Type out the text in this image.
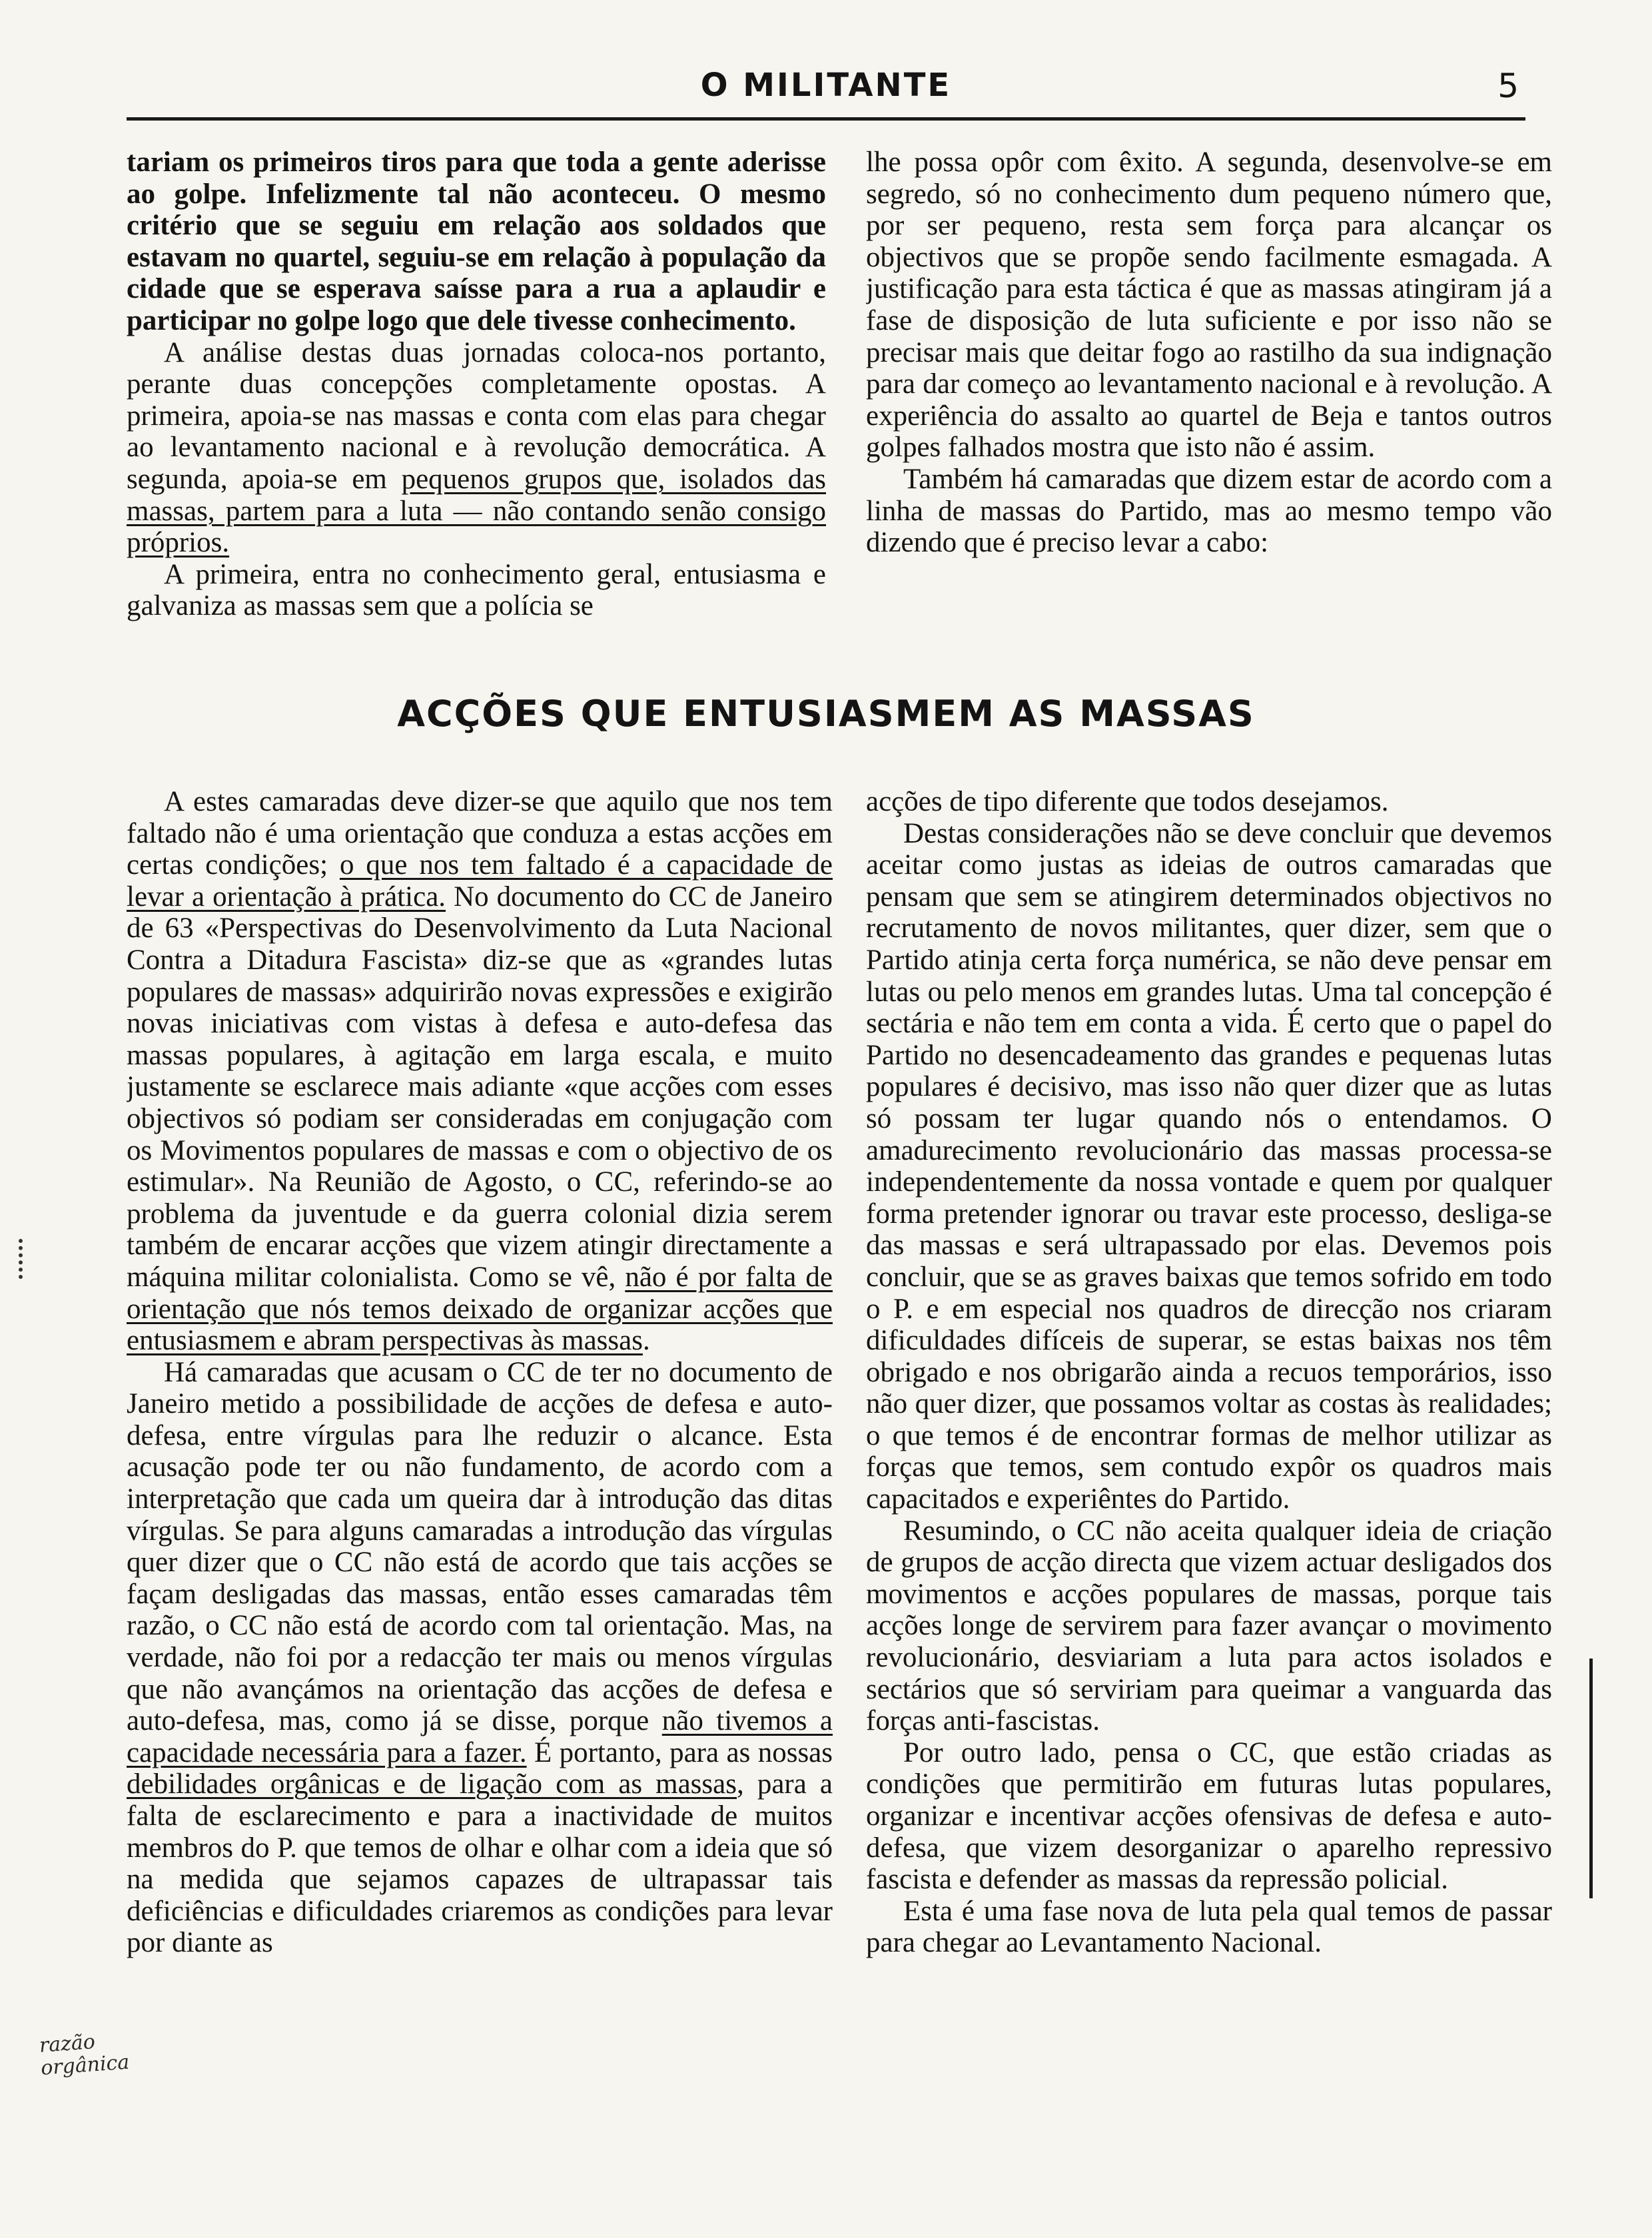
O MILITANTE	5

tariam os primeiros tiros para que toda a gente aderisse ao golpe. Infelizmente tal não aconteceu. O mesmo critério que se seguiu em relação aos soldados que estavam no quartel, seguiu-se em relação à população da cidade que se esperava saísse para a rua a aplaudir e participar no golpe logo que dele tivesse conhecimento.

A análise destas duas jornadas coloca-nos portanto, perante duas concepções completamente opostas. A primeira, apoia-se nas massas e conta com elas para chegar ao levantamento nacional e à revolução democrática. A segunda, apoia-se em pequenos grupos que, isolados das massas, partem para a luta — não contando senão consigo próprios.

A primeira, entra no conhecimento geral, entusiasma e galvaniza as massas sem que a polícia se

lhe possa opôr com êxito. A segunda, desenvolve-se em segredo, só no conhecimento dum pequeno número que, por ser pequeno, resta sem força para alcançar os objectivos que se propõe sendo facilmente esmagada. A justificação para esta táctica é que as massas atingiram já a fase de disposição de luta suficiente e por isso não se precisar mais que deitar fogo ao rastilho da sua indignação para dar começo ao levantamento nacional e à revolução. A experiência do assalto ao quartel de Beja e tantos outros golpes falhados mostra que isto não é assim.

Também há camaradas que dizem estar de acordo com a linha de massas do Partido, mas ao mesmo tempo vão dizendo que é preciso levar a cabo:

ACÇÕES QUE ENTUSIASMEM AS MASSAS

A estes camaradas deve dizer-se que aquilo que nos tem faltado não é uma orientação que conduza a estas acções em certas condições; o que nos tem faltado é a capacidade de levar a orientação à prática. No documento do CC de Janeiro de 63 «Perspectivas do Desenvolvimento da Luta Nacional Contra a Ditadura Fascista» diz-se que as «grandes lutas populares de massas» adquirirão novas expressões e exigirão novas iniciativas com vistas à defesa e auto-defesa das massas populares, à agitação em larga escala, e muito justamente se esclarece mais adiante «que acções com esses objectivos só podiam ser consideradas em conjugação com os Movimentos populares de massas e com o objectivo de os estimular». Na Reunião de Agosto, o CC, referindo-se ao problema da juventude e da guerra colonial dizia serem também de encarar acções que vizem atingir directamente a máquina militar colonialista. Como se vê, não é por falta de orientação que nós temos deixado de organizar acções que entusiasmem e abram perspectivas às massas.

Há camaradas que acusam o CC de ter no documento de Janeiro metido a possibilidade de acções de defesa e auto-defesa, entre vírgulas para lhe reduzir o alcance. Esta acusação pode ter ou não fundamento, de acordo com a interpretação que cada um queira dar à introdução das ditas vírgulas. Se para alguns camaradas a introdução das vírgulas quer dizer que o CC não está de acordo que tais acções se façam desligadas das massas, então esses camaradas têm razão, o CC não está de acordo com tal orientação. Mas, na verdade, não foi por a redacção ter mais ou menos vírgulas que não avançámos na orientação das acções de defesa e auto-defesa, mas, como já se disse, porque não tivemos a capacidade necessária para a fazer. É portanto, para as nossas debilidades orgânicas e de ligação com as massas, para a falta de esclarecimento e para a inactividade de muitos membros do P. que temos de olhar e olhar com a ideia que só na medida que sejamos capazes de ultrapassar tais deficiências e dificuldades criaremos as condições para levar por diante as

acções de tipo diferente que todos desejamos.

Destas considerações não se deve concluir que devemos aceitar como justas as ideias de outros camaradas que pensam que sem se atingirem determinados objectivos no recrutamento de novos militantes, quer dizer, sem que o Partido atinja certa força numérica, se não deve pensar em lutas ou pelo menos em grandes lutas. Uma tal concepção é sectária e não tem em conta a vida. É certo que o papel do Partido no desencadeamento das grandes e pequenas lutas populares é decisivo, mas isso não quer dizer que as lutas só possam ter lugar quando nós o entendamos. O amadurecimento revolucionário das massas processa-se independentemente da nossa vontade e quem por qualquer forma pretender ignorar ou travar este processo, desliga-se das massas e será ultrapassado por elas. Devemos pois concluir, que se as graves baixas que temos sofrido em todo o P. e em especial nos quadros de direcção nos criaram dificuldades difíceis de superar, se estas baixas nos têm obrigado e nos obrigarão ainda a recuos temporários, isso não quer dizer, que possamos voltar as costas às realidades; o que temos é de encontrar formas de melhor utilizar as forças que temos, sem contudo expôr os quadros mais capacitados e experiêntes do Partido.

Resumindo, o CC não aceita qualquer ideia de criação de grupos de acção directa que vizem actuar desligados dos movimentos e acções populares de massas, porque tais acções longe de servirem para fazer avançar o movimento revolucionário, desviariam a luta para actos isolados e sectários que só serviriam para queimar a vanguarda das forças anti-fascistas.

Por outro lado, pensa o CC, que estão criadas as condições que permitirão em futuras lutas populares, organizar e incentivar acções ofensivas de defesa e auto-defesa, que vizem desorganizar o aparelho repressivo fascista e defender as massas da repressão policial.

Esta é uma fase nova de luta pela qual temos de passar para chegar ao Levantamento Nacional.

razão orgânica
